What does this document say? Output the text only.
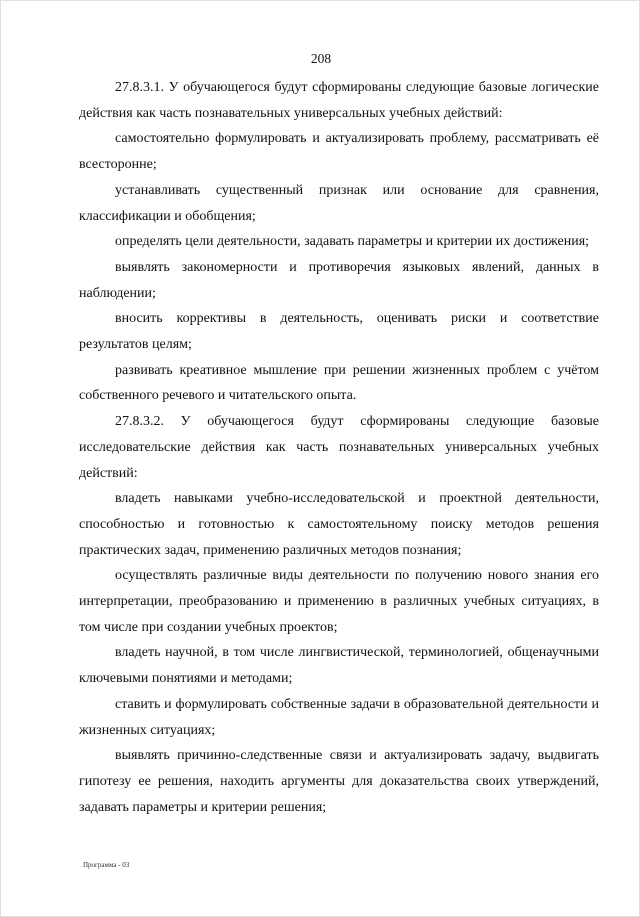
208

27.8.3.1. У обучающегося будут сформированы следующие базовые логические действия как часть познавательных универсальных учебных действий:

самостоятельно формулировать и актуализировать проблему, рассматривать её всесторонне;

устанавливать существенный признак или основание для сравнения, классификации и обобщения;

определять цели деятельности, задавать параметры и критерии их достижения;

выявлять закономерности и противоречия языковых явлений, данных в наблюдении;

вносить коррективы в деятельность, оценивать риски и соответствие результатов целям;

развивать креативное мышление при решении жизненных проблем с учётом собственного речевого и читательского опыта.

27.8.3.2. У обучающегося будут сформированы следующие базовые исследовательские действия как часть познавательных универсальных учебных действий:

владеть навыками учебно-исследовательской и проектной деятельности, способностью и готовностью к самостоятельному поиску методов решения практических задач, применению различных методов познания;

осуществлять различные виды деятельности по получению нового знания его интерпретации, преобразованию и применению в различных учебных ситуациях, в том числе при создании учебных проектов;

владеть научной, в том числе лингвистической, терминологией, общенаучными ключевыми понятиями и методами;

ставить и формулировать собственные задачи в образовательной деятельности и жизненных ситуациях;

выявлять причинно-следственные связи и актуализировать задачу, выдвигать гипотезу ее решения, находить аргументы для доказательства своих утверждений, задавать параметры и критерии решения;

Программа - 03
